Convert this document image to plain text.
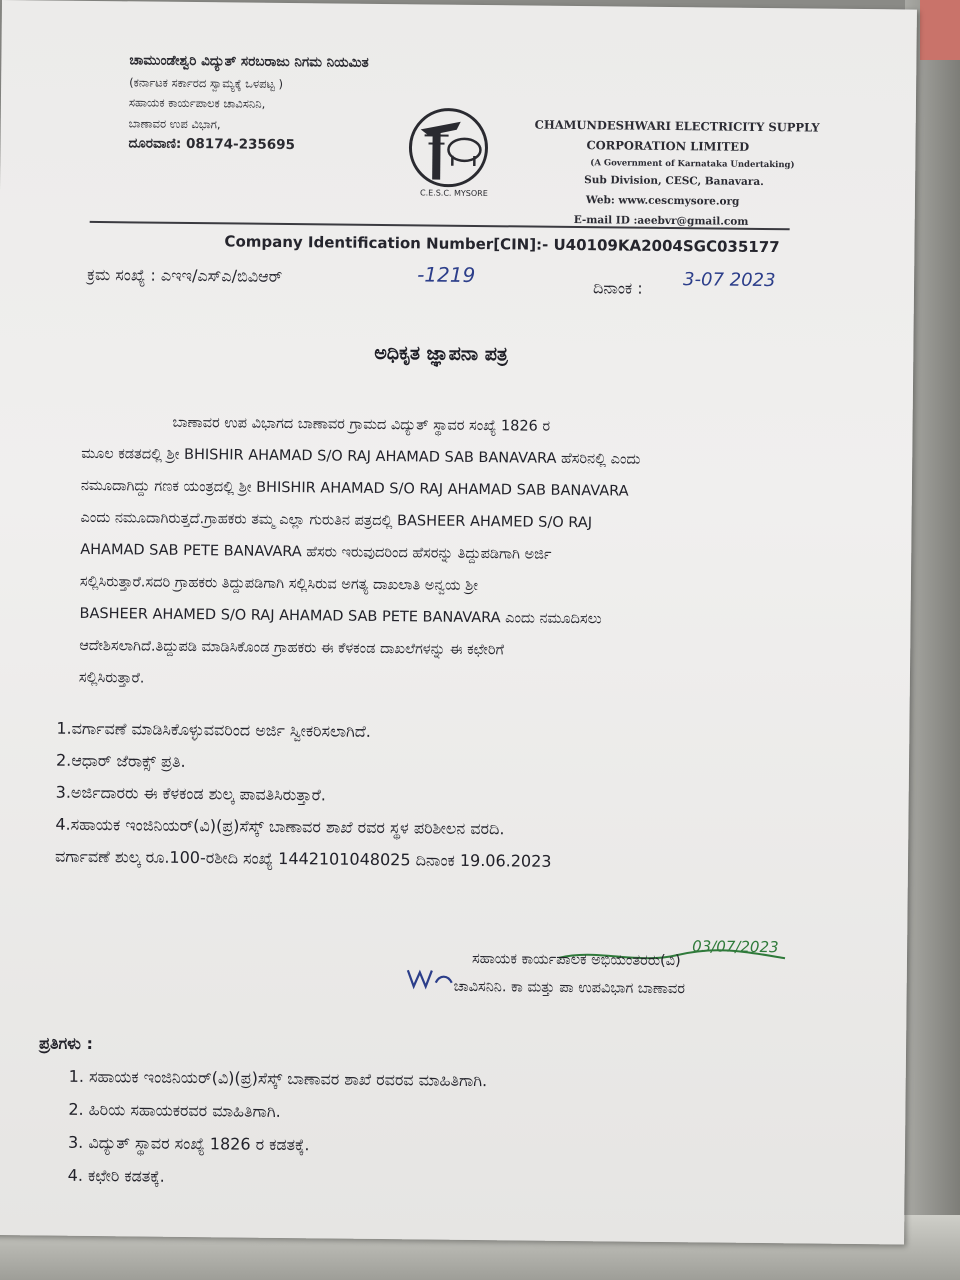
ಚಾಮುಂಡೇಶ್ವರಿ ವಿದ್ಯುತ್ ಸರಬರಾಜು ನಿಗಮ ನಿಯಮಿತ
(ಕರ್ನಾಟಕ ಸರ್ಕಾರದ ಸ್ವಾಮ್ಯಕ್ಕೆ ಒಳಪಟ್ಟ )
ಸಹಾಯಕ ಕಾರ್ಯಪಾಲಕ ಚಾವಿಸನಿನಿ,
ಬಾಣಾವರ ಉಪ ವಿಭಾಗ,
ದೂರವಾಣಿ: 08174-235695
C.E.S.C. MYSORE
CHAMUNDESHWARI ELECTRICITY SUPPLY
CORPORATION LIMITED
(A Government of Karnataka Undertaking)
Sub Division, CESC, Banavara.
Web: www.cescmysore.org
E-mail ID :aeebvr@gmail.com
Company Identification Number[CIN]:- U40109KA2004SGC035177
ಕ್ರಮ ಸಂಖ್ಯೆ : ಎಇಇ/ಎಸ್ಎ/ಬಿವಿಆರ್	-1219
ದಿನಾಂಕ : 3-07 2023
ಅಧಿಕೃತ ಜ್ಞಾಪನಾ ಪತ್ರ
ಬಾಣಾವರ ಉಪ ವಿಭಾಗದ ಬಾಣಾವರ ಗ್ರಾಮದ ವಿದ್ಯುತ್ ಸ್ಥಾವರ ಸಂಖ್ಯೆ 1826 ರ
ಮೂಲ ಕಡತದಲ್ಲಿ ಶ್ರೀ BHISHIR AHAMAD S/O RAJ AHAMAD SAB BANAVARA ಹೆಸರಿನಲ್ಲಿ ಎಂದು
ನಮೂದಾಗಿದ್ದು ಗಣಕ ಯಂತ್ರದಲ್ಲಿ ಶ್ರೀ BHISHIR AHAMAD S/O RAJ AHAMAD SAB BANAVARA
ಎಂದು ನಮೂದಾಗಿರುತ್ತದೆ.ಗ್ರಾಹಕರು ತಮ್ಮ ಎಲ್ಲಾ ಗುರುತಿನ ಪತ್ರದಲ್ಲಿ BASHEER AHAMED S/O RAJ
AHAMAD SAB PETE BANAVARA ಹೆಸರು ಇರುವುದರಿಂದ ಹೆಸರನ್ನು ತಿದ್ದುಪಡಿಗಾಗಿ ಅರ್ಜಿ
ಸಲ್ಲಿಸಿರುತ್ತಾರೆ.ಸದರಿ ಗ್ರಾಹಕರು ತಿದ್ದುಪಡಿಗಾಗಿ ಸಲ್ಲಿಸಿರುವ ಅಗತ್ಯ ದಾಖಲಾತಿ ಅನ್ವಯ ಶ್ರೀ
BASHEER AHAMED S/O RAJ AHAMAD SAB PETE BANAVARA ಎಂದು ನಮೂದಿಸಲು
ಆದೇಶಿಸಲಾಗಿದೆ.ತಿದ್ದುಪಡಿ ಮಾಡಿಸಿಕೊಂಡ ಗ್ರಾಹಕರು ಈ ಕೆಳಕಂಡ ದಾಖಲೆಗಳನ್ನು ಈ ಕಛೇರಿಗೆ
ಸಲ್ಲಿಸಿರುತ್ತಾರೆ.
1.ವರ್ಗಾವಣೆ ಮಾಡಿಸಿಕೊಳ್ಳುವವರಿಂದ ಅರ್ಜಿ ಸ್ವೀಕರಿಸಲಾಗಿದೆ.
2.ಆಧಾರ್ ಜೆರಾಕ್ಸ್ ಪ್ರತಿ.
3.ಅರ್ಜಿದಾರರು ಈ ಕೆಳಕಂಡ ಶುಲ್ಕ ಪಾವತಿಸಿರುತ್ತಾರೆ.
4.ಸಹಾಯಕ ಇಂಜಿನಿಯರ್(ವಿ)(ಪ್ರ)ಸೆಸ್ಕ್ ಬಾಣಾವರ ಶಾಖೆ ರವರ ಸ್ಥಳ ಪರಿಶೀಲನ ವರದಿ.
ವರ್ಗಾವಣೆ ಶುಲ್ಕ ರೂ.100-ರಶೀದಿ ಸಂಖ್ಯೆ 1442101048025 ದಿನಾಂಕ 19.06.2023
03/07/2023
ಸಹಾಯಕ ಕಾರ್ಯಪಾಲಕ ಅಭಿಯಂತರರು(ವಿ)
ಚಾವಿಸನಿನಿ. ಕಾ ಮತ್ತು ಪಾ ಉಪವಿಭಾಗ ಬಾಣಾವರ
ಪ್ರತಿಗಳು :
1. ಸಹಾಯಕ ಇಂಜಿನಿಯರ್(ವಿ)(ಪ್ರ)ಸೆಸ್ಕ್ ಬಾಣಾವರ ಶಾಖೆ ರವರವ ಮಾಹಿತಿಗಾಗಿ.
2. ಹಿರಿಯ ಸಹಾಯಕರವರ ಮಾಹಿತಿಗಾಗಿ.
3. ವಿದ್ಯುತ್ ಸ್ಥಾವರ ಸಂಖ್ಯೆ 1826 ರ ಕಡತಕ್ಕೆ.
4. ಕಛೇರಿ ಕಡತಕ್ಕೆ.
